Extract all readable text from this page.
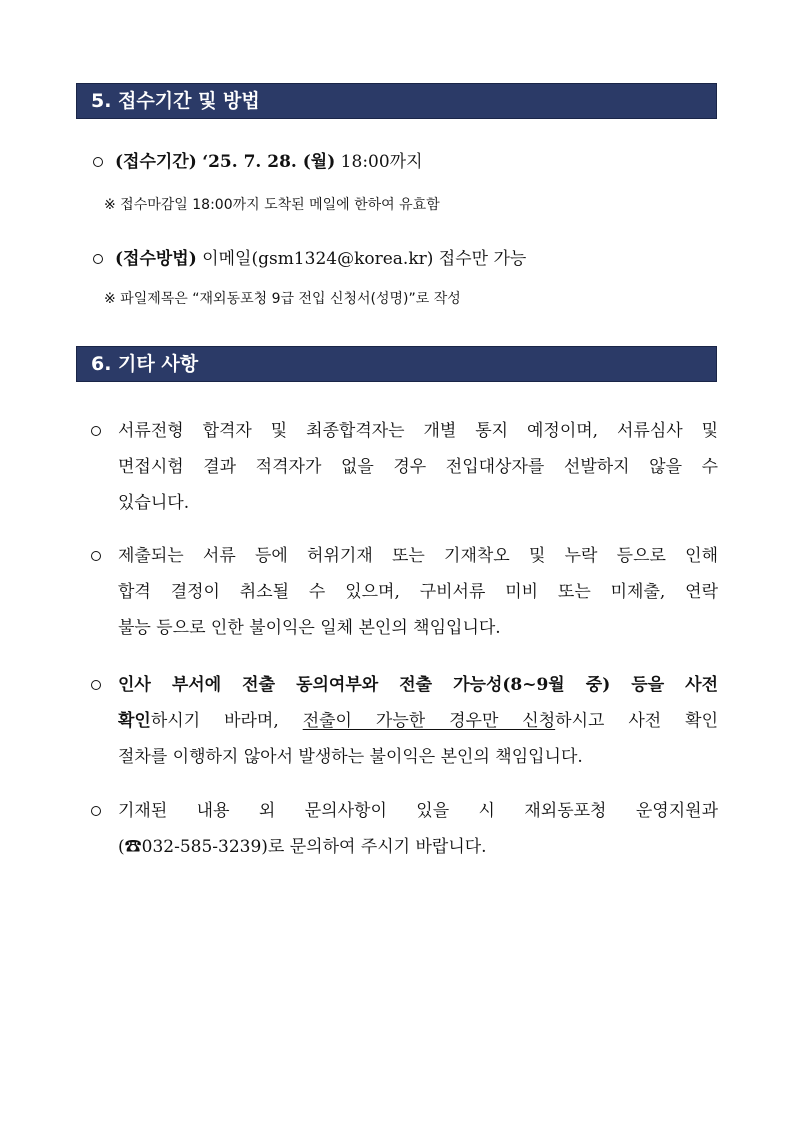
5. 접수기간 및 방법
(접수기간) ‘25. 7. 28. (월) 18:00까지
※ 접수마감일 18:00까지 도착된 메일에 한하여 유효함
(접수방법) 이메일(gsm1324@korea.kr) 접수만 가능
※ 파일제목은 “재외동포청 9급 전입 신청서(성명)”로 작성
6. 기타 사항
서류전형 합격자 및 최종합격자는 개별 통지 예정이며, 서류심사 및
면접시험 결과 적격자가 없을 경우 전입대상자를 선발하지 않을 수
있습니다.
제출되는 서류 등에 허위기재 또는 기재착오 및 누락 등으로 인해
합격 결정이 취소될 수 있으며, 구비서류 미비 또는 미제출, 연락
불능 등으로 인한 불이익은 일체 본인의 책임입니다.
인사 부서에 전출 동의여부와 전출 가능성(8~9월 중) 등을 사전
확인하시기 바라며, 전출이 가능한 경우만 신청하시고 사전 확인
절차를 이행하지 않아서 발생하는 불이익은 본인의 책임입니다.
기재된 내용 외 문의사항이 있을 시 재외동포청 운영지원과
(☎032-585-3239)로 문의하여 주시기 바랍니다.
